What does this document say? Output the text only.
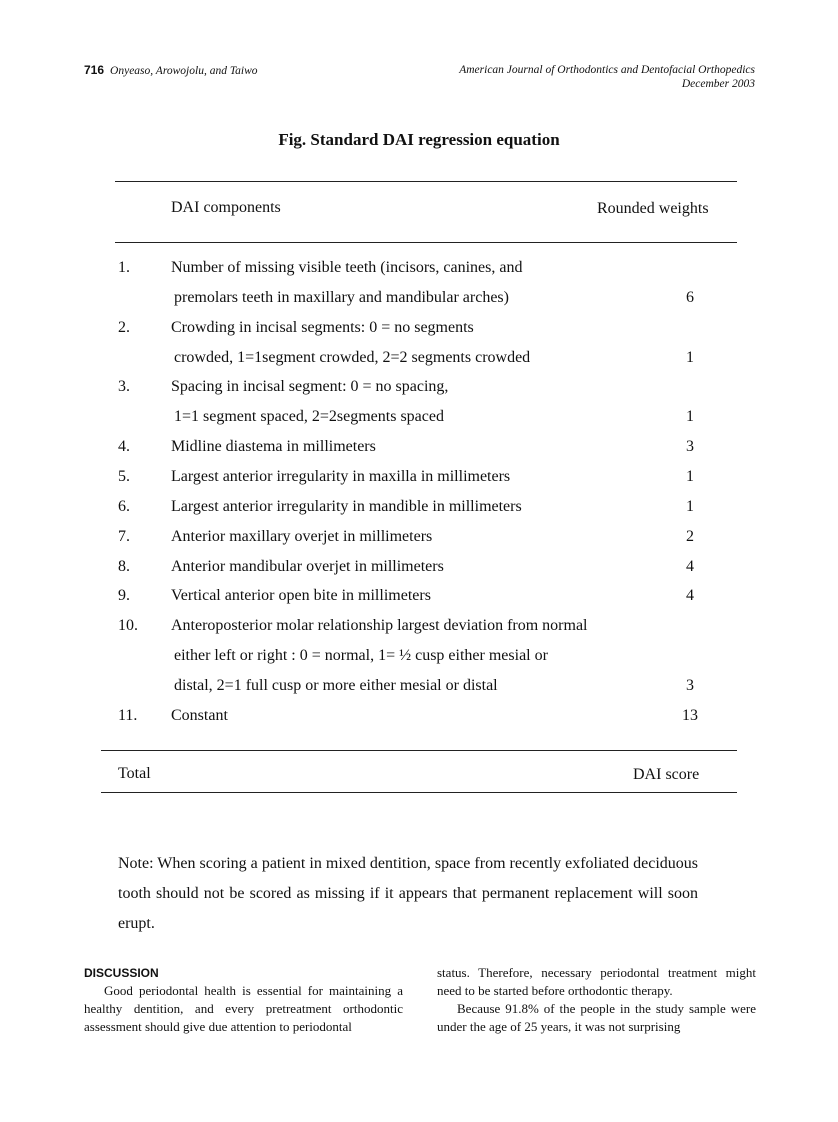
716 Onyeaso, Arowojolu, and Taiwo	American Journal of Orthodontics and Dentofacial Orthopedics
December 2003
Fig. Standard DAI regression equation
DAI components	Rounded weights
1.	Number of missing visible teeth (incisors, canines, and
premolars teeth in maxillary and mandibular arches)	6
2.	Crowding in incisal segments: 0 = no segments
crowded, 1=1segment crowded, 2=2 segments crowded	1
3.	Spacing in incisal segment: 0 = no spacing,
1=1 segment spaced, 2=2segments spaced	1
4.	Midline diastema in millimeters	3
5.	Largest anterior irregularity in maxilla in millimeters	1
6.	Largest anterior irregularity in mandible in millimeters	1
7.	Anterior maxillary overjet in millimeters	2
8.	Anterior mandibular overjet in millimeters	4
9.	Vertical anterior open bite in millimeters	4
10. Anteroposterior molar relationship largest deviation from normal
either left or right : 0 = normal, 1= ½ cusp either mesial or
distal, 2=1 full cusp or more either mesial or distal	3
11. Constant	13
Total	DAI score
Note: When scoring a patient in mixed dentition, space from recently exfoliated deciduous tooth should not be scored as missing if it appears that permanent replacement will soon erupt.
DISCUSSION

Good periodontal health is essential for maintaining a healthy dentition, and every pretreatment orthodontic assessment should give due attention to periodontal

status. Therefore, necessary periodontal treatment might need to be started before orthodontic therapy.

Because 91.8% of the people in the study sample were under the age of 25 years, it was not surprising
